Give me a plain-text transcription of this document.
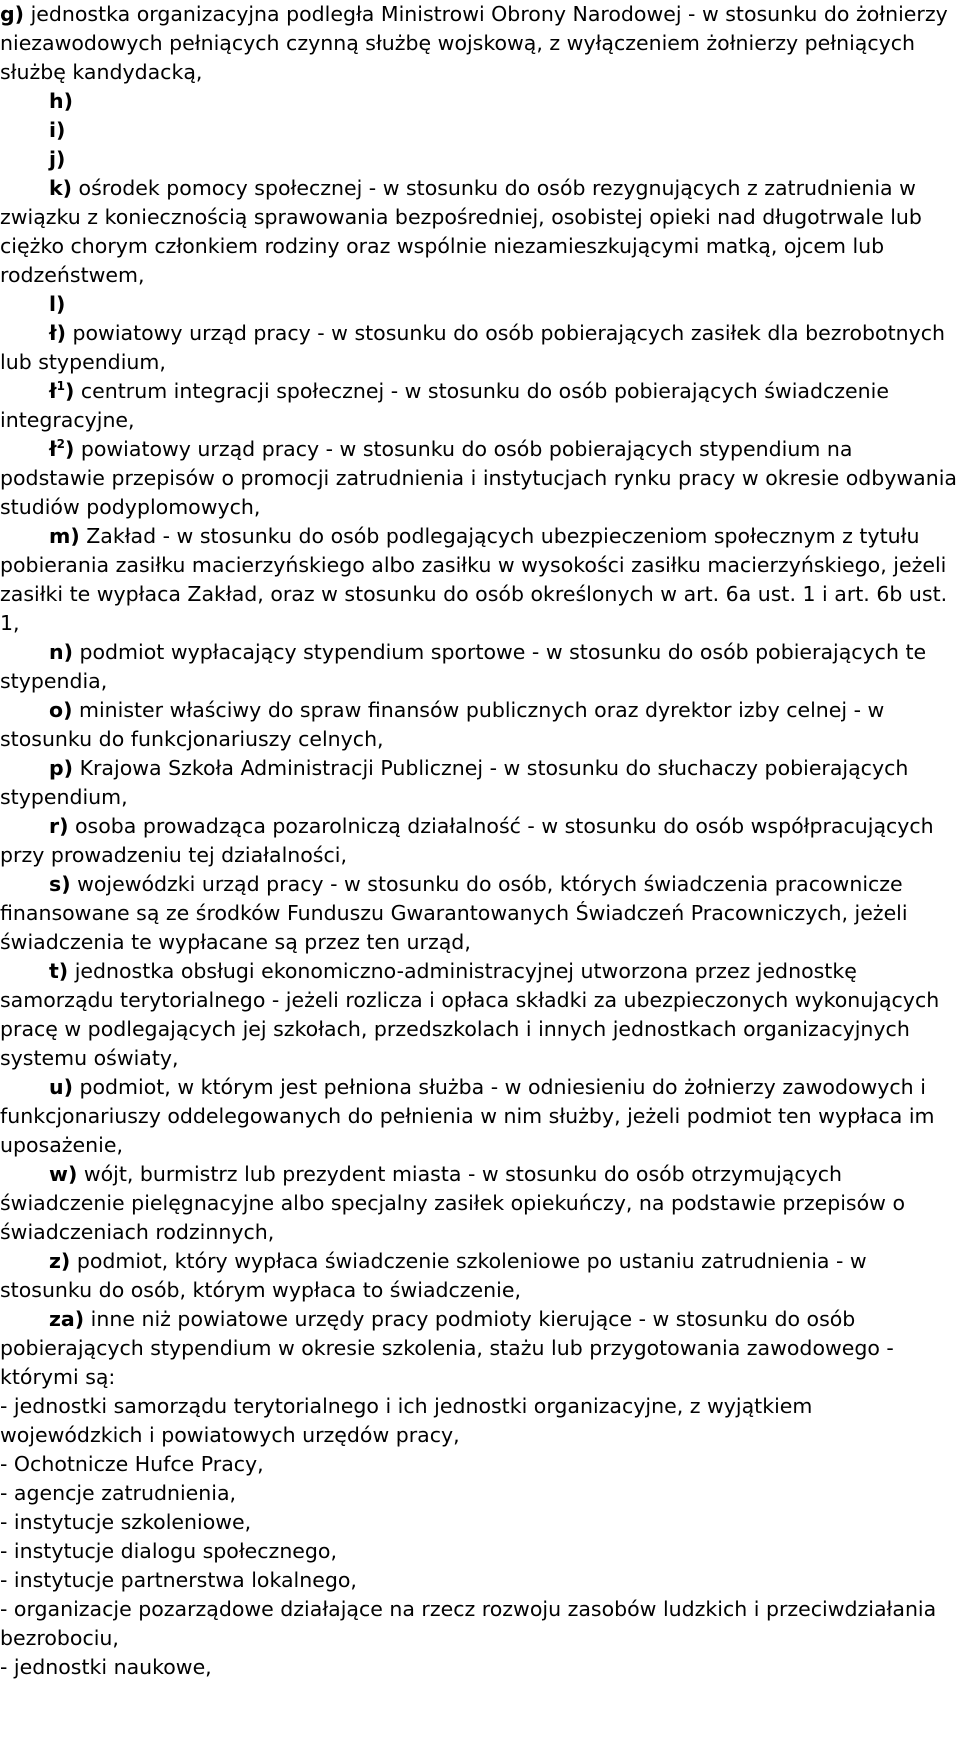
g) jednostka organizacyjna podległa Ministrowi Obrony Narodowej - w stosunku do żołnierzy niezawodowych pełniących czynną służbę wojskową, z wyłączeniem żołnierzy pełniących służbę kandydacką,

h)

i)

j)

k) ośrodek pomocy społecznej - w stosunku do osób rezygnujących z zatrudnienia w związku z koniecznością sprawowania bezpośredniej, osobistej opieki nad długotrwale lub ciężko chorym członkiem rodziny oraz wspólnie niezamieszkującymi matką, ojcem lub rodzeństwem,

l)

ł) powiatowy urząd pracy - w stosunku do osób pobierających zasiłek dla bezrobotnych lub stypendium,

$ł^1$) centrum integracji społecznej - w stosunku do osób pobierających świadczenie integracyjne,

$ł^2$) powiatowy urząd pracy - w stosunku do osób pobierających stypendium na podstawie przepisów o promocji zatrudnienia i instytucjach rynku pracy w okresie odbywania studiów podyplomowych,

m) Zakład - w stosunku do osób podlegających ubezpieczeniom społecznym z tytułu pobierania zasiłku macierzyńskiego albo zasiłku w wysokości zasiłku macierzyńskiego, jeżeli zasiłki te wypłaca Zakład, oraz w stosunku do osób określonych w art. 6a ust. 1 i art. 6b ust. 1,

n) podmiot wypłacający stypendium sportowe - w stosunku do osób pobierających te stypendia,

o) minister właściwy do spraw finansów publicznych oraz dyrektor izby celnej - w stosunku do funkcjonariuszy celnych,

p) Krajowa Szkoła Administracji Publicznej - w stosunku do słuchaczy pobierających stypendium,

r) osoba prowadząca pozarolniczą działalność - w stosunku do osób współpracujących przy prowadzeniu tej działalności,

s) wojewódzki urząd pracy - w stosunku do osób, których świadczenia pracownicze finansowane są ze środków Funduszu Gwarantowanych Świadczeń Pracowniczych, jeżeli świadczenia te wypłacane są przez ten urząd,

t) jednostka obsługi ekonomiczno-administracyjnej utworzona przez jednostkę samorządu terytorialnego - jeżeli rozlicza i opłaca składki za ubezpieczonych wykonujących pracę w podlegających jej szkołach, przedszkolach i innych jednostkach organizacyjnych systemu oświaty,

u) podmiot, w którym jest pełniona służba - w odniesieniu do żołnierzy zawodowych i funkcjonariuszy oddelegowanych do pełnienia w nim służby, jeżeli podmiot ten wypłaca im uposażenie,

w) wójt, burmistrz lub prezydent miasta - w stosunku do osób otrzymujących świadczenie pielęgnacyjne albo specjalny zasiłek opiekuńczy, na podstawie przepisów o świadczeniach rodzinnych,

z) podmiot, który wypłaca świadczenie szkoleniowe po ustaniu zatrudnienia - w stosunku do osób, którym wypłaca to świadczenie,

za) inne niż powiatowe urzędy pracy podmioty kierujące - w stosunku do osób pobierających stypendium w okresie szkolenia, stażu lub przygotowania zawodowego - którymi są:

- jednostki samorządu terytorialnego i ich jednostki organizacyjne, z wyjątkiem wojewódzkich i powiatowych urzędów pracy,

- Ochotnicze Hufce Pracy,

- agencje zatrudnienia,

- instytucje szkoleniowe,

- instytucje dialogu społecznego,

- instytucje partnerstwa lokalnego,

- organizacje pozarządowe działające na rzecz rozwoju zasobów ludzkich i przeciwdziałania bezrobociu,

- jednostki naukowe,
